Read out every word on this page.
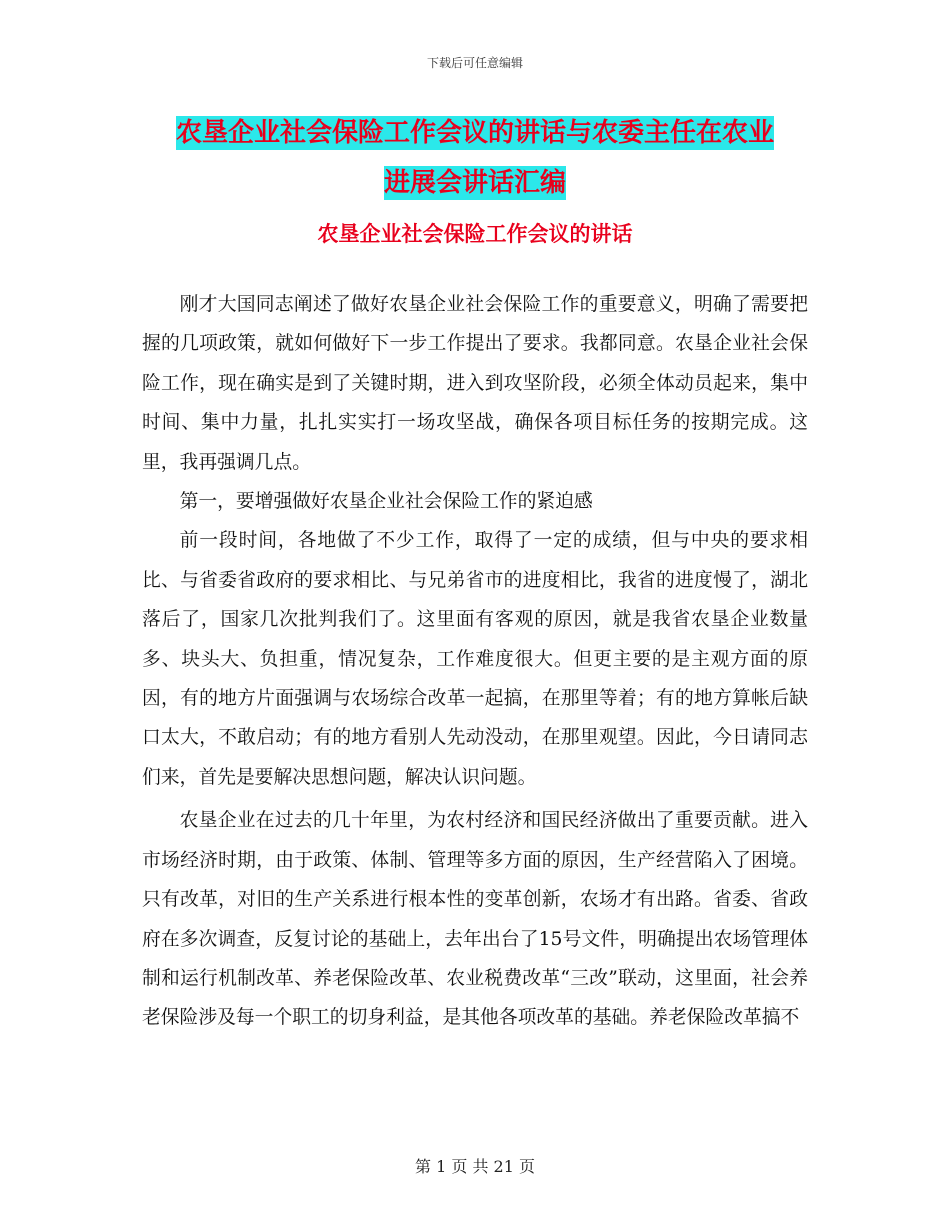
下载后可任意编辑
农垦企业社会保险工作会议的讲话与农委主任在农业
进展会讲话汇编
农垦企业社会保险工作会议的讲话

刚才大国同志阐述了做好农垦企业社会保险工作的重要意义，明确了需要把握的几项政策，就如何做好下一步工作提出了要求。我都同意。农垦企业社会保险工作，现在确实是到了关键时期，进入到攻坚阶段，必须全体动员起来，集中时间、集中力量，扎扎实实打一场攻坚战，确保各项目标任务的按期完成。这里，我再强调几点。

第一，要增强做好农垦企业社会保险工作的紧迫感

前一段时间，各地做了不少工作，取得了一定的成绩，但与中央的要求相比、与省委省政府的要求相比、与兄弟省市的进度相比，我省的进度慢了，湖北落后了，国家几次批判我们了。这里面有客观的原因，就是我省农垦企业数量多、块头大、负担重，情况复杂，工作难度很大。但更主要的是主观方面的原因，有的地方片面强调与农场综合改革一起搞，在那里等着；有的地方算帐后缺口太大，不敢启动；有的地方看别人先动没动，在那里观望。因此，今日请同志们来，首先是要解决思想问题，解决认识问题。

农垦企业在过去的几十年里，为农村经济和国民经济做出了重要贡献。进入市场经济时期，由于政策、体制、管理等多方面的原因，生产经营陷入了困境。只有改革，对旧的生产关系进行根本性的变革创新，农场才有出路。省委、省政府在多次调查，反复讨论的基础上，去年出台了15号文件，明确提出农场管理体制和运行机制改革、养老保险改革、农业税费改革“三改”联动，这里面，社会养老保险涉及每一个职工的切身利益，是其他各项改革的基础。养老保险改革搞不

第 1 页 共 21 页
